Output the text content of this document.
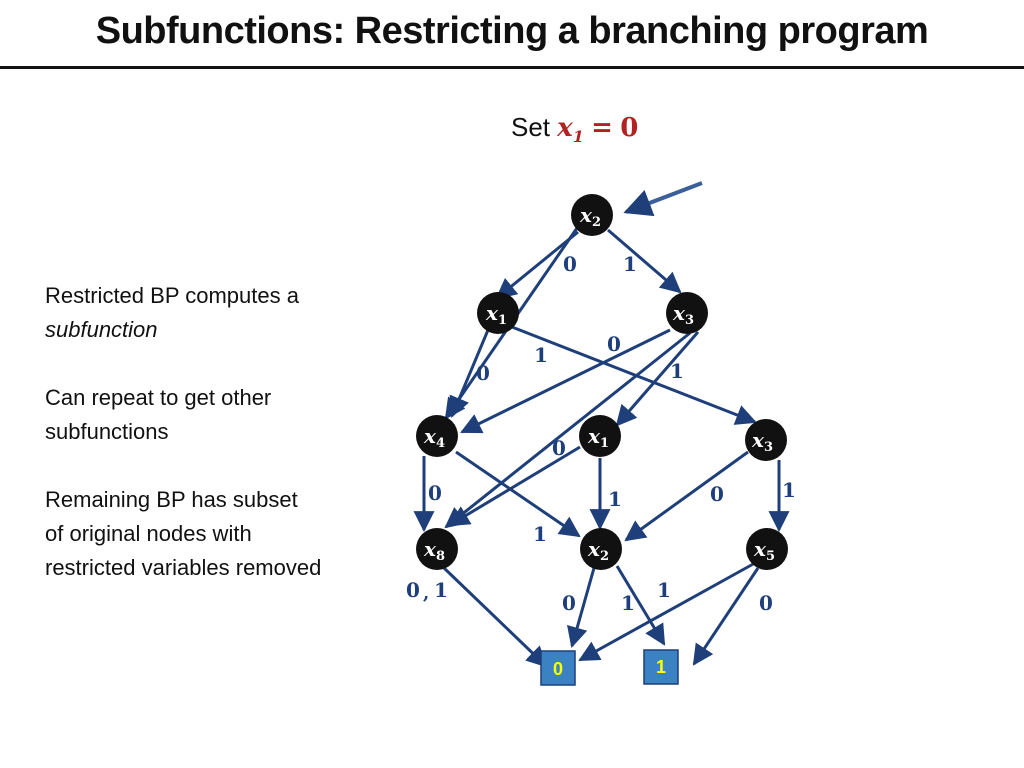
Subfunctions: Restricting a branching program
Set $x_1 = 0$
Restricted BP computes a
subfunction
Can repeat to get other
subfunctions
Remaining BP has subset
of original nodes with
restricted variables removed
0 1
1	0
0	1
0
0	1	0	1
1
0 , 1
0 1
1
0
$x_2$
$x_1$	$x_3$
$x_4$	$x_1$	$x_3$
$x_8$	$x_2$	$x_5$
0	1
